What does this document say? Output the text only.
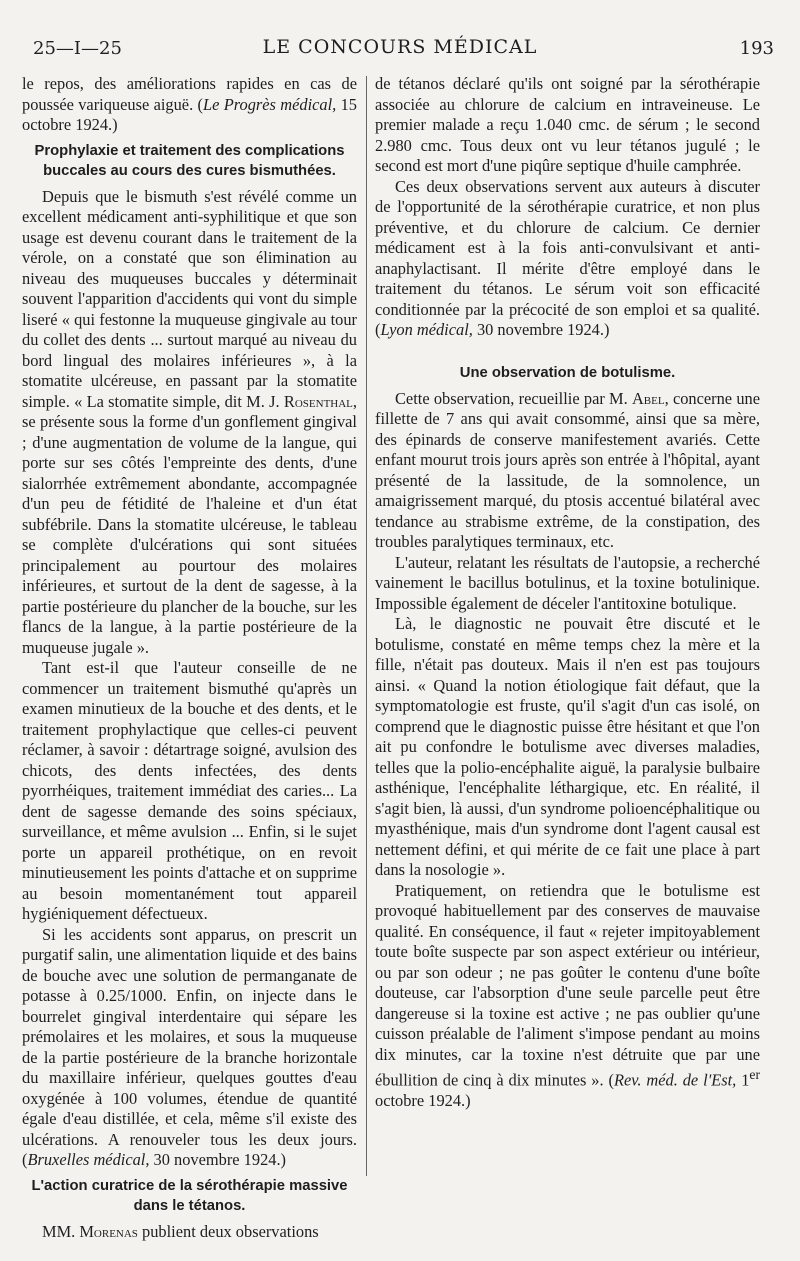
25—I—25	LE CONCOURS MÉDICAL	193

le repos, des améliorations rapides en cas de poussée variqueuse aiguë. (Le Progrès médical, 15 octobre 1924.)

Prophylaxie et traitement des complications buccales au cours des cures bismuthées.

Depuis que le bismuth s'est révélé comme un excellent médicament anti-syphilitique et que son usage est devenu courant dans le traitement de la vérole, on a constaté que son élimination au niveau des muqueuses buccales y déterminait souvent l'apparition d'accidents qui vont du simple liseré « qui festonne la muqueuse gingivale au tour du collet des dents ... surtout marqué au niveau du bord lingual des molaires inférieures », à la stomatite ulcéreuse, en passant par la stomatite simple. « La stomatite simple, dit M. J. Rosenthal, se présente sous la forme d'un gonflement gingival ; d'une augmentation de volume de la langue, qui porte sur ses côtés l'empreinte des dents, d'une sialorrhée extrêmement abondante, accompagnée d'un peu de fétidité de l'haleine et d'un état subfébrile. Dans la stomatite ulcéreuse, le tableau se complète d'ulcérations qui sont situées principalement au pourtour des molaires inférieures, et surtout de la dent de sagesse, à la partie postérieure du plancher de la bouche, sur les flancs de la langue, à la partie postérieure de la muqueuse jugale ».

Tant est-il que l'auteur conseille de ne commencer un traitement bismuthé qu'après un examen minutieux de la bouche et des dents, et le traitement prophylactique que celles-ci peuvent réclamer, à savoir : détartrage soigné, avulsion des chicots, des dents infectées, des dents pyorrhéiques, traitement immédiat des caries... La dent de sagesse demande des soins spéciaux, surveillance, et même avulsion ... Enfin, si le sujet porte un appareil prothétique, on en revoit minutieusement les points d'attache et on supprime au besoin momentanément tout appareil hygiéniquement défectueux.

Si les accidents sont apparus, on prescrit un purgatif salin, une alimentation liquide et des bains de bouche avec une solution de permanganate de potasse à 0.25/1000. Enfin, on injecte dans le bourrelet gingival interdentaire qui sépare les prémolaires et les molaires, et sous la muqueuse de la partie postérieure de la branche horizontale du maxillaire inférieur, quelques gouttes d'eau oxygénée à 100 volumes, étendue de quantité égale d'eau distillée, et cela, même s'il existe des ulcérations. A renouveler tous les deux jours. (Bruxelles médical, 30 novembre 1924.)

L'action curatrice de la sérothérapie massive dans le tétanos.

MM. Morenas publient deux observations

de tétanos déclaré qu'ils ont soigné par la sérothérapie associée au chlorure de calcium en intraveineuse. Le premier malade a reçu 1.040 cmc. de sérum ; le second 2.980 cmc. Tous deux ont vu leur tétanos jugulé ; le second est mort d'une piqûre septique d'huile camphrée.

Ces deux observations servent aux auteurs à discuter de l'opportunité de la sérothérapie curatrice, et non plus préventive, et du chlorure de calcium. Ce dernier médicament est à la fois anti-convulsivant et anti-anaphylactisant. Il mérite d'être employé dans le traitement du tétanos. Le sérum voit son efficacité conditionnée par la précocité de son emploi et sa qualité. (Lyon médical, 30 novembre 1924.)

Une observation de botulisme.

Cette observation, recueillie par M. Abel, concerne une fillette de 7 ans qui avait consommé, ainsi que sa mère, des épinards de conserve manifestement avariés. Cette enfant mourut trois jours après son entrée à l'hôpital, ayant présenté de la lassitude, de la somnolence, un amaigrissement marqué, du ptosis accentué bilatéral avec tendance au strabisme extrême, de la constipation, des troubles paralytiques terminaux, etc.

L'auteur, relatant les résultats de l'autopsie, a recherché vainement le bacillus botulinus, et la toxine botulinique. Impossible également de déceler l'antitoxine botulique.

Là, le diagnostic ne pouvait être discuté et le botulisme, constaté en même temps chez la mère et la fille, n'était pas douteux. Mais il n'en est pas toujours ainsi. « Quand la notion étiologique fait défaut, que la symptomatologie est fruste, qu'il s'agit d'un cas isolé, on comprend que le diagnostic puisse être hésitant et que l'on ait pu confondre le botulisme avec diverses maladies, telles que la polio-encéphalite aiguë, la paralysie bulbaire asthénique, l'encéphalite léthargique, etc. En réalité, il s'agit bien, là aussi, d'un syndrome polioencéphalitique ou myasthénique, mais d'un syndrome dont l'agent causal est nettement défini, et qui mérite de ce fait une place à part dans la nosologie ».

Pratiquement, on retiendra que le botulisme est provoqué habituellement par des conserves de mauvaise qualité. En conséquence, il faut « rejeter impitoyablement toute boîte suspecte par son aspect extérieur ou intérieur, ou par son odeur ; ne pas goûter le contenu d'une boîte douteuse, car l'absorption d'une seule parcelle peut être dangereuse si la toxine est active ; ne pas oublier qu'une cuisson préalable de l'aliment s'impose pendant au moins dix minutes, car la toxine n'est détruite que par une ébullition de cinq à dix minutes ». (Rev. méd. de l'Est, 1er octobre 1924.)
